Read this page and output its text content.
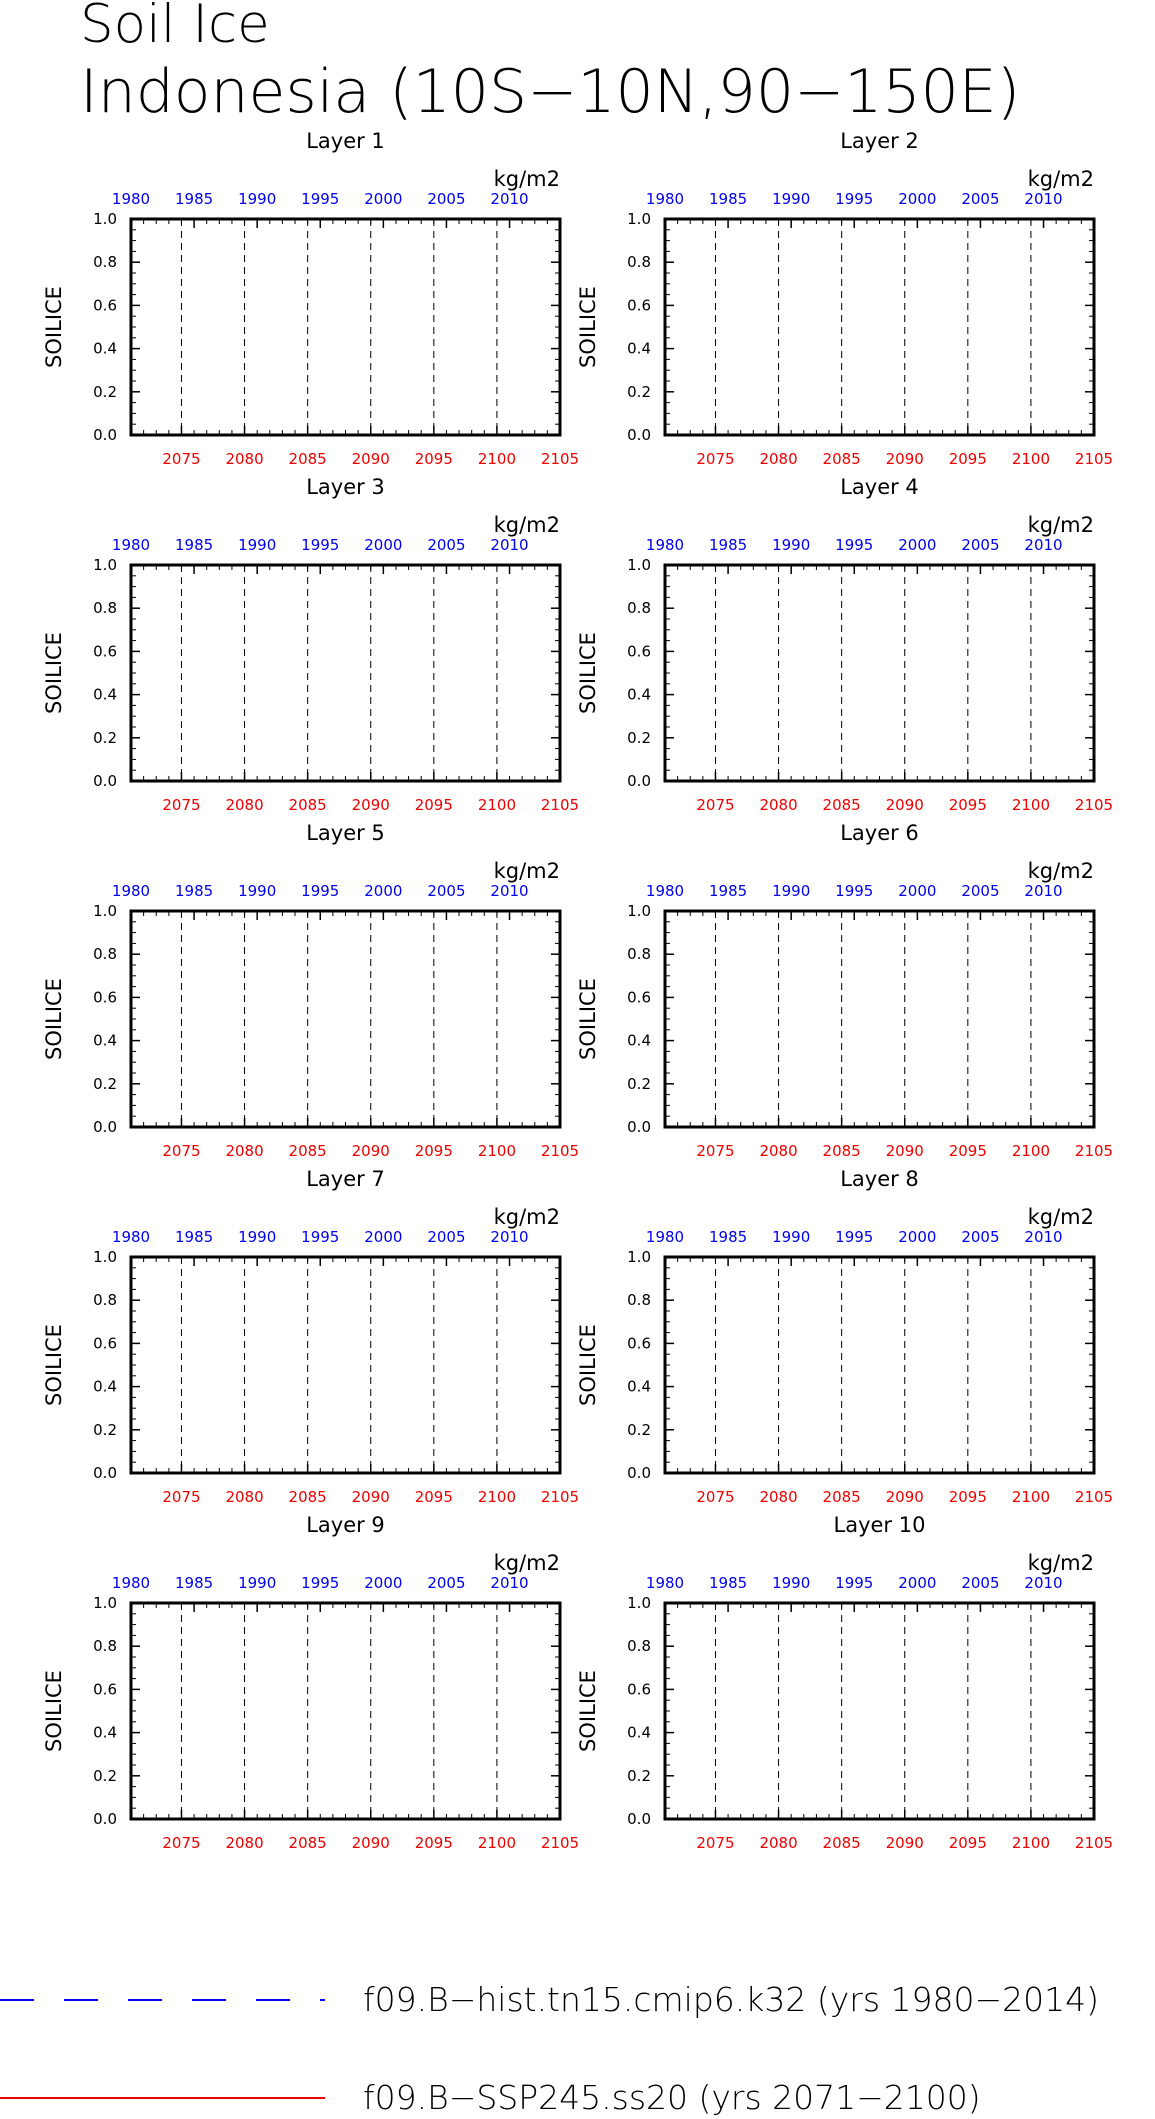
Soil Ice
Indonesia (10S−10N,90−150E)
0.0
0.2
0.4
0.6
0.8
1.0
2075 2080 2085 2090 2095 2100 2105
1980 1985 1990 1995 2000 2005 2010
kg/m2
Layer 1
SOILICE
0.0
0.2
0.4
0.6
0.8
1.0
2075 2080 2085 2090 2095 2100 2105
1980 1985 1990 1995 2000 2005 2010
kg/m2
Layer 2
SOILICE
0.0
0.2
0.4
0.6
0.8
1.0
2075 2080 2085 2090 2095 2100 2105
1980 1985 1990 1995 2000 2005 2010
kg/m2
Layer 3
SOILICE
0.0
0.2
0.4
0.6
0.8
1.0
2075 2080 2085 2090 2095 2100 2105
1980 1985 1990 1995 2000 2005 2010
kg/m2
Layer 4
SOILICE
0.0
0.2
0.4
0.6
0.8
1.0
2075 2080 2085 2090 2095 2100 2105
1980 1985 1990 1995 2000 2005 2010
kg/m2
Layer 5
SOILICE
0.0
0.2
0.4
0.6
0.8
1.0
2075 2080 2085 2090 2095 2100 2105
1980 1985 1990 1995 2000 2005 2010
kg/m2
Layer 6
SOILICE
0.0
0.2
0.4
0.6
0.8
1.0
2075 2080 2085 2090 2095 2100 2105
1980 1985 1990 1995 2000 2005 2010
kg/m2
Layer 7
SOILICE
0.0
0.2
0.4
0.6
0.8
1.0
2075 2080 2085 2090 2095 2100 2105
1980 1985 1990 1995 2000 2005 2010
kg/m2
Layer 8
SOILICE
0.0
0.2
0.4
0.6
0.8
1.0
2075 2080 2085 2090 2095 2100 2105
1980 1985 1990 1995 2000 2005 2010
kg/m2
Layer 9
SOILICE
0.0
0.2
0.4
0.6
0.8
1.0
2075 2080 2085 2090 2095 2100 2105
1980 1985 1990 1995 2000 2005 2010
kg/m2
Layer 10
SOILICE
f09.B−hist.tn15.cmip6.k32 (yrs 1980−2014)
f09.B−SSP245.ss20 (yrs 2071−2100)
